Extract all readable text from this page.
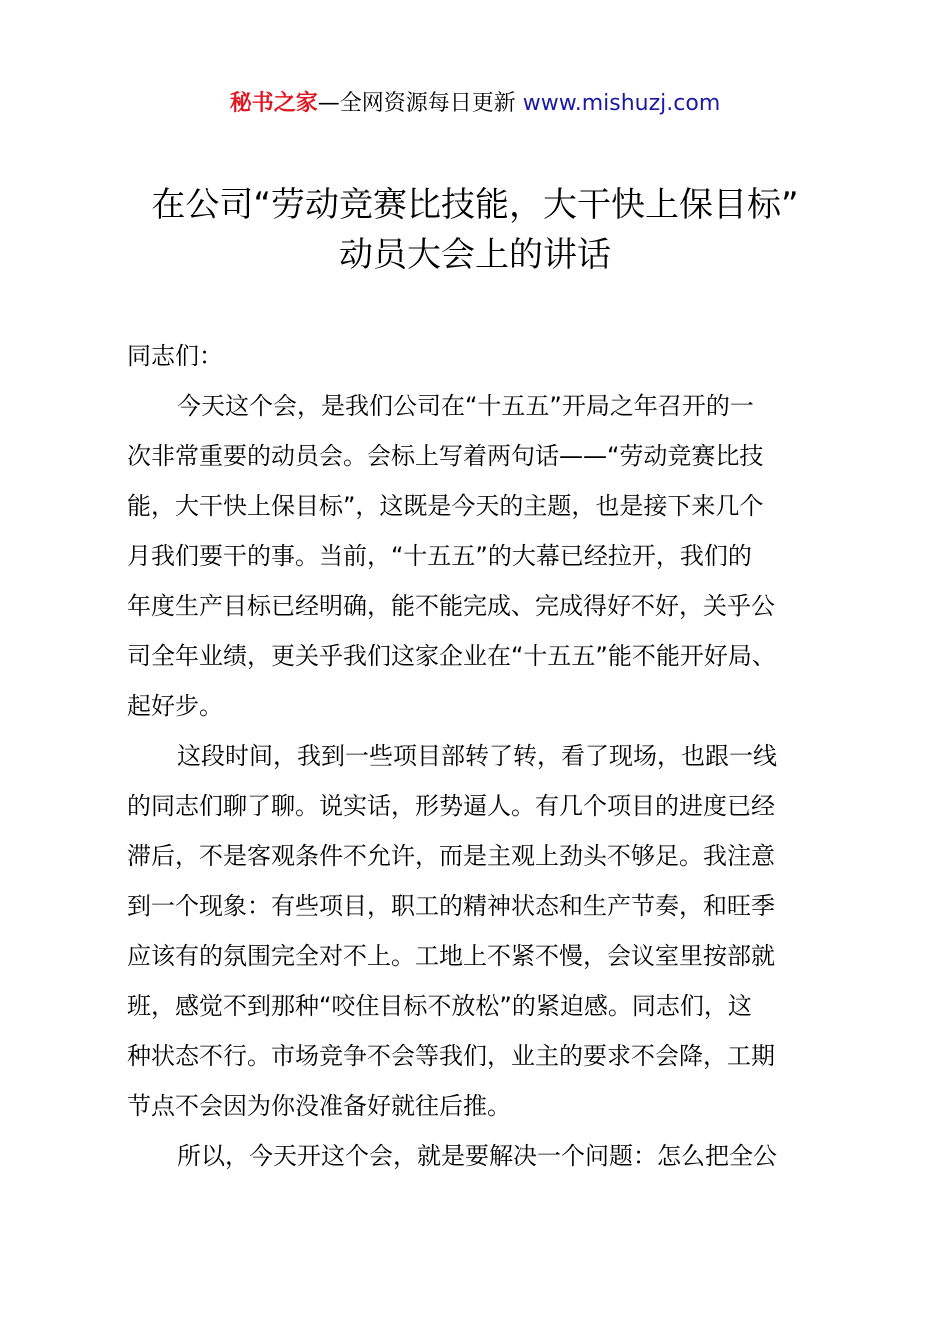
秘书之家—全网资源每日更新 www.mishuzj.com
在公司“劳动竞赛比技能，大干快上保目标”
动员大会上的讲话

同志们：

今天这个会，是我们公司在“十五五”开局之年召开的一
次非常重要的动员会。会标上写着两句话——“劳动竞赛比技
能，大干快上保目标”，这既是今天的主题，也是接下来几个
月我们要干的事。当前，“十五五”的大幕已经拉开，我们的
年度生产目标已经明确，能不能完成、完成得好不好，关乎公
司全年业绩，更关乎我们这家企业在“十五五”能不能开好局、
起好步。

这段时间，我到一些项目部转了转，看了现场，也跟一线
的同志们聊了聊。说实话，形势逼人。有几个项目的进度已经
滞后，不是客观条件不允许，而是主观上劲头不够足。我注意
到一个现象：有些项目，职工的精神状态和生产节奏，和旺季
应该有的氛围完全对不上。工地上不紧不慢，会议室里按部就
班，感觉不到那种“咬住目标不放松”的紧迫感。同志们，这
种状态不行。市场竞争不会等我们，业主的要求不会降，工期
节点不会因为你没准备好就往后推。

所以，今天开这个会，就是要解决一个问题：怎么把全公
